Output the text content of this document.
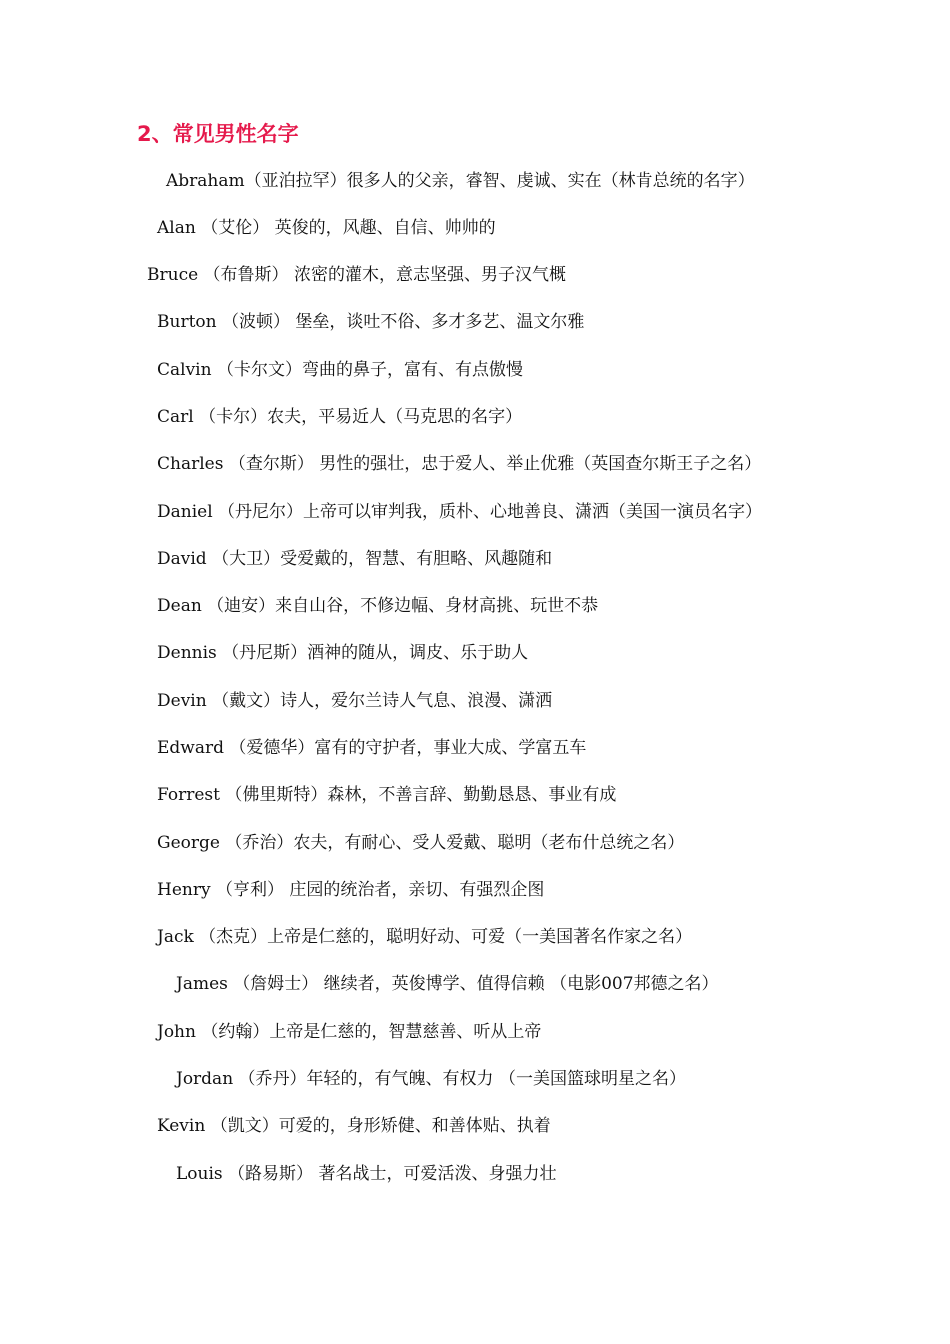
2、常见男性名字
Abraham（亚泊拉罕）很多人的父亲，睿智、虔诚、实在（林肯总统的名字）
Alan （艾伦） 英俊的，风趣、自信、帅帅的
Bruce （布鲁斯） 浓密的灌木，意志坚强、男子汉气概
Burton （波顿） 堡垒，谈吐不俗、多才多艺、温文尔雅
Calvin （卡尔文）弯曲的鼻子，富有、有点傲慢
Carl （卡尔）农夫，平易近人（马克思的名字）
Charles （查尔斯） 男性的强壮，忠于爱人、举止优雅（英国查尔斯王子之名）
Daniel （丹尼尔）上帝可以审判我，质朴、心地善良、潇洒（美国一演员名字）
David （大卫）受爱戴的，智慧、有胆略、风趣随和
Dean （迪安）来自山谷，不修边幅、身材高挑、玩世不恭
Dennis （丹尼斯）酒神的随从，调皮、乐于助人
Devin （戴文）诗人，爱尔兰诗人气息、浪漫、潇洒
Edward （爱德华）富有的守护者，事业大成、学富五车
Forrest （佛里斯特）森林，不善言辞、勤勤恳恳、事业有成
George （乔治）农夫，有耐心、受人爱戴、聪明（老布什总统之名）
Henry （亨利） 庄园的统治者，亲切、有强烈企图
Jack （杰克）上帝是仁慈的，聪明好动、可爱（一美国著名作家之名）
James （詹姆士） 继续者，英俊博学、值得信赖 （电影007邦德之名）
John （约翰）上帝是仁慈的，智慧慈善、听从上帝
Jordan （乔丹）年轻的，有气魄、有权力 （一美国篮球明星之名）
Kevin （凯文）可爱的，身形矫健、和善体贴、执着
Louis （路易斯） 著名战士，可爱活泼、身强力壮
